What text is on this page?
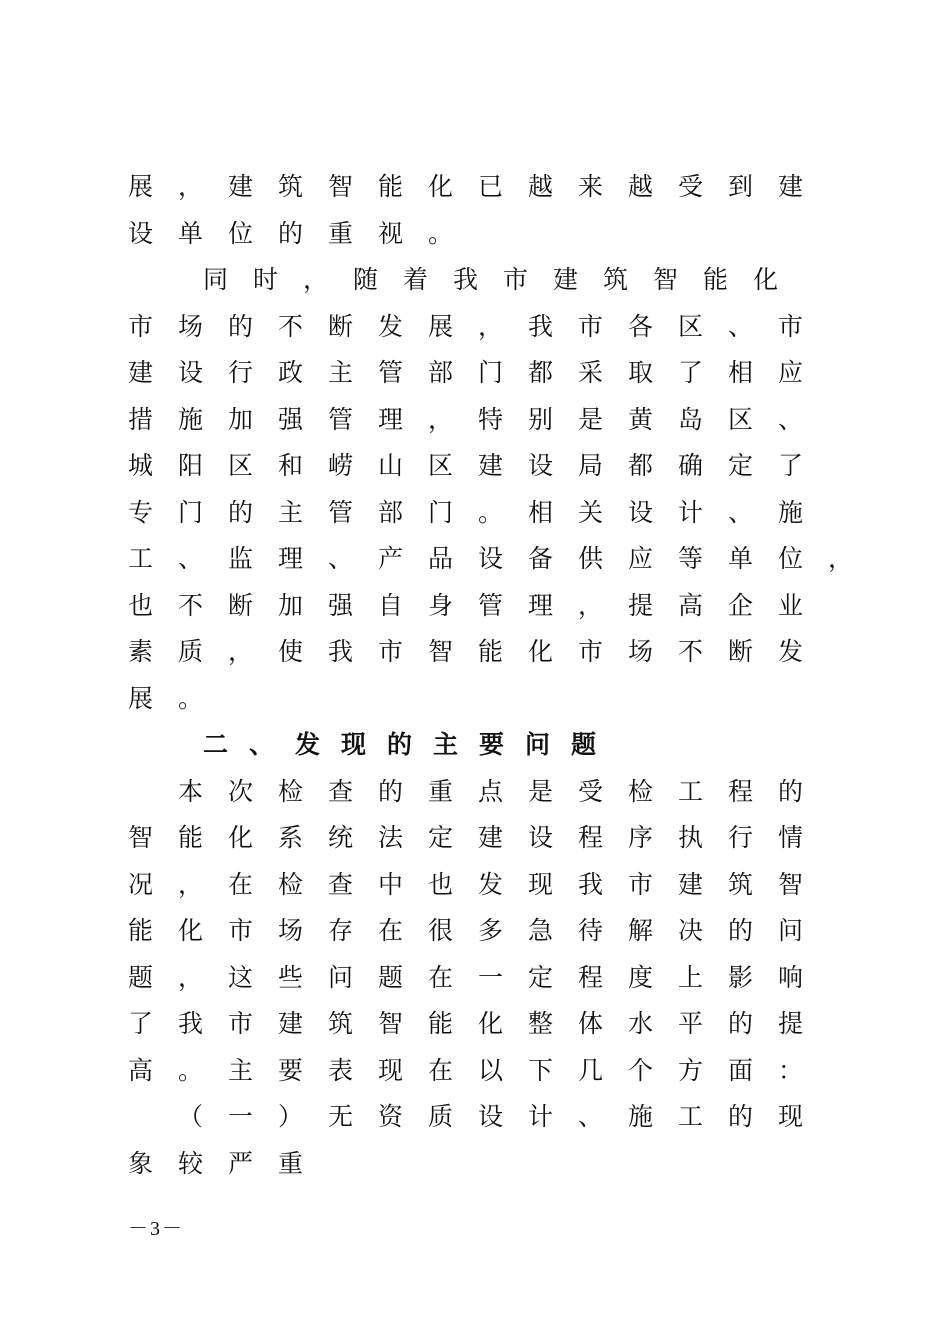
展，建筑智能化已越来越受到建
设单位的重视。
同时，随着我市建筑智能化
市场的不断发展，我市各区、市
建设行政主管部门都采取了相应
措施加强管理，特别是黄岛区、
城阳区和崂山区建设局都确定了
专门的主管部门。相关设计、施
工、监理、产品设备供应等单位，
也不断加强自身管理，提高企业
素质，使我市智能化市场不断发
展。
二、发现的主要问题
本次检查的重点是受检工程的
智能化系统法定建设程序执行情
况，在检查中也发现我市建筑智
能化市场存在很多急待解决的问
题，这些问题在一定程度上影响
了我市建筑智能化整体水平的提
高。主要表现在以下几个方面：
（一）无资质设计、施工的现
象较严重
－3－
